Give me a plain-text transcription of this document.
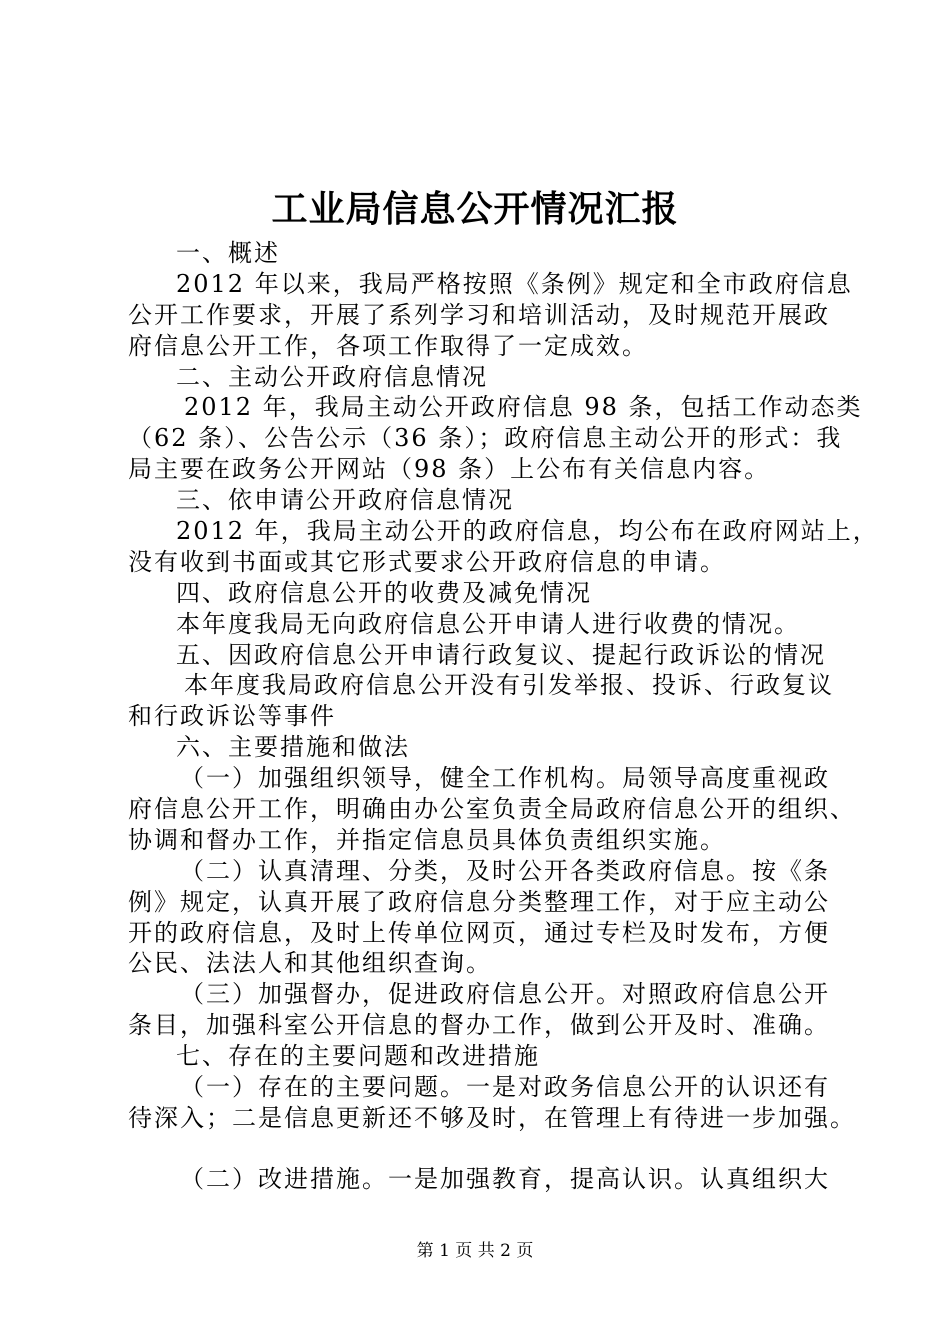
工业局信息公开情况汇报
一、概述
2012 年以来，我局严格按照《条例》规定和全市政府信息
公开工作要求，开展了系列学习和培训活动，及时规范开展政
府信息公开工作，各项工作取得了一定成效。
二、主动公开政府信息情况
2012 年，我局主动公开政府信息 98 条，包括工作动态类
（62 条）、公告公示（36 条）；政府信息主动公开的形式：我
局主要在政务公开网站（98 条）上公布有关信息内容。
三、依申请公开政府信息情况
2012 年，我局主动公开的政府信息，均公布在政府网站上，
没有收到书面或其它形式要求公开政府信息的申请。
四、政府信息公开的收费及减免情况
本年度我局无向政府信息公开申请人进行收费的情况。
五、因政府信息公开申请行政复议、提起行政诉讼的情况
本年度我局政府信息公开没有引发举报、投诉、行政复议
和行政诉讼等事件
六、主要措施和做法
（一）加强组织领导，健全工作机构。局领导高度重视政
府信息公开工作，明确由办公室负责全局政府信息公开的组织、
协调和督办工作，并指定信息员具体负责组织实施。
（二）认真清理、分类，及时公开各类政府信息。按《条
例》规定，认真开展了政府信息分类整理工作，对于应主动公
开的政府信息，及时上传单位网页，通过专栏及时发布，方便
公民、法法人和其他组织查询。
（三）加强督办，促进政府信息公开。对照政府信息公开
条目，加强科室公开信息的督办工作，做到公开及时、准确。
七、存在的主要问题和改进措施
（一）存在的主要问题。一是对政务信息公开的认识还有
待深入；二是信息更新还不够及时，在管理上有待进一步加强。
（二）改进措施。一是加强教育，提高认识。认真组织大
第 1 页 共 2 页
